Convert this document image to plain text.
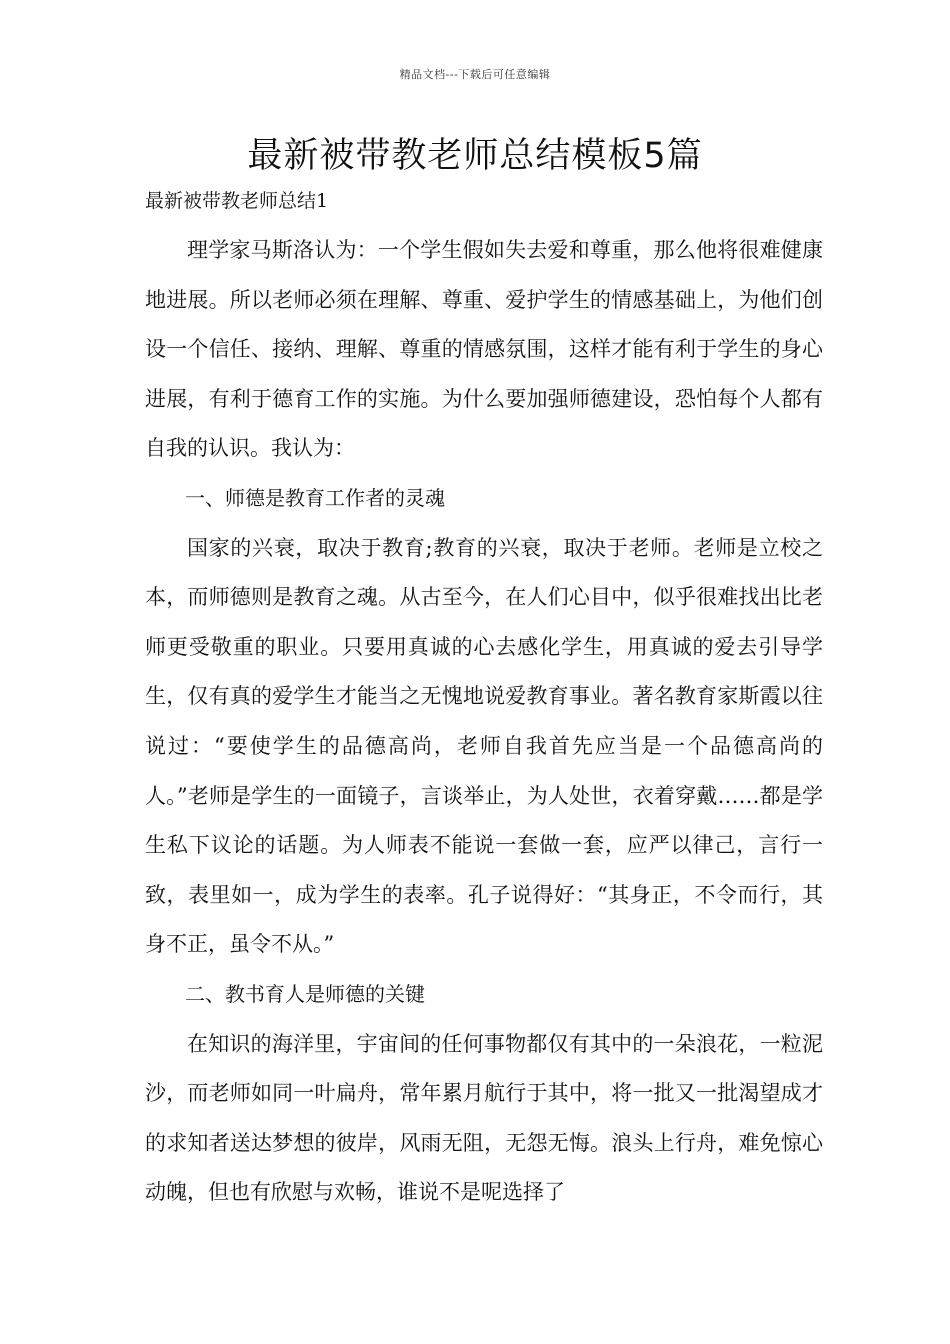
精品文档---下载后可任意编辑
最新被带教老师总结模板5篇
最新被带教老师总结1

理学家马斯洛认为：一个学生假如失去爱和尊重，那么他将很难健康地进展。所以老师必须在理解、尊重、爱护学生的情感基础上，为他们创设一个信任、接纳、理解、尊重的情感氛围，这样才能有利于学生的身心进展，有利于德育工作的实施。为什么要加强师德建设，恐怕每个人都有自我的认识。我认为：

一、师德是教育工作者的灵魂

国家的兴衰，取决于教育;教育的兴衰，取决于老师。老师是立校之本，而师德则是教育之魂。从古至今，在人们心目中，似乎很难找出比老师更受敬重的职业。只要用真诚的心去感化学生，用真诚的爱去引导学生，仅有真的爱学生才能当之无愧地说爱教育事业。著名教育家斯霞以往说过：“要使学生的品德高尚，老师自我首先应当是一个品德高尚的人。”老师是学生的一面镜子，言谈举止，为人处世，衣着穿戴……都是学生私下议论的话题。为人师表不能说一套做一套，应严以律己，言行一致，表里如一，成为学生的表率。孔子说得好：“其身正，不令而行，其身不正，虽令不从。”

二、教书育人是师德的关键

在知识的海洋里，宇宙间的任何事物都仅有其中的一朵浪花，一粒泥沙，而老师如同一叶扁舟，常年累月航行于其中，将一批又一批渴望成才的求知者送达梦想的彼岸，风雨无阻，无怨无悔。浪头上行舟，难免惊心动魄，但也有欣慰与欢畅，谁说不是呢选择了
